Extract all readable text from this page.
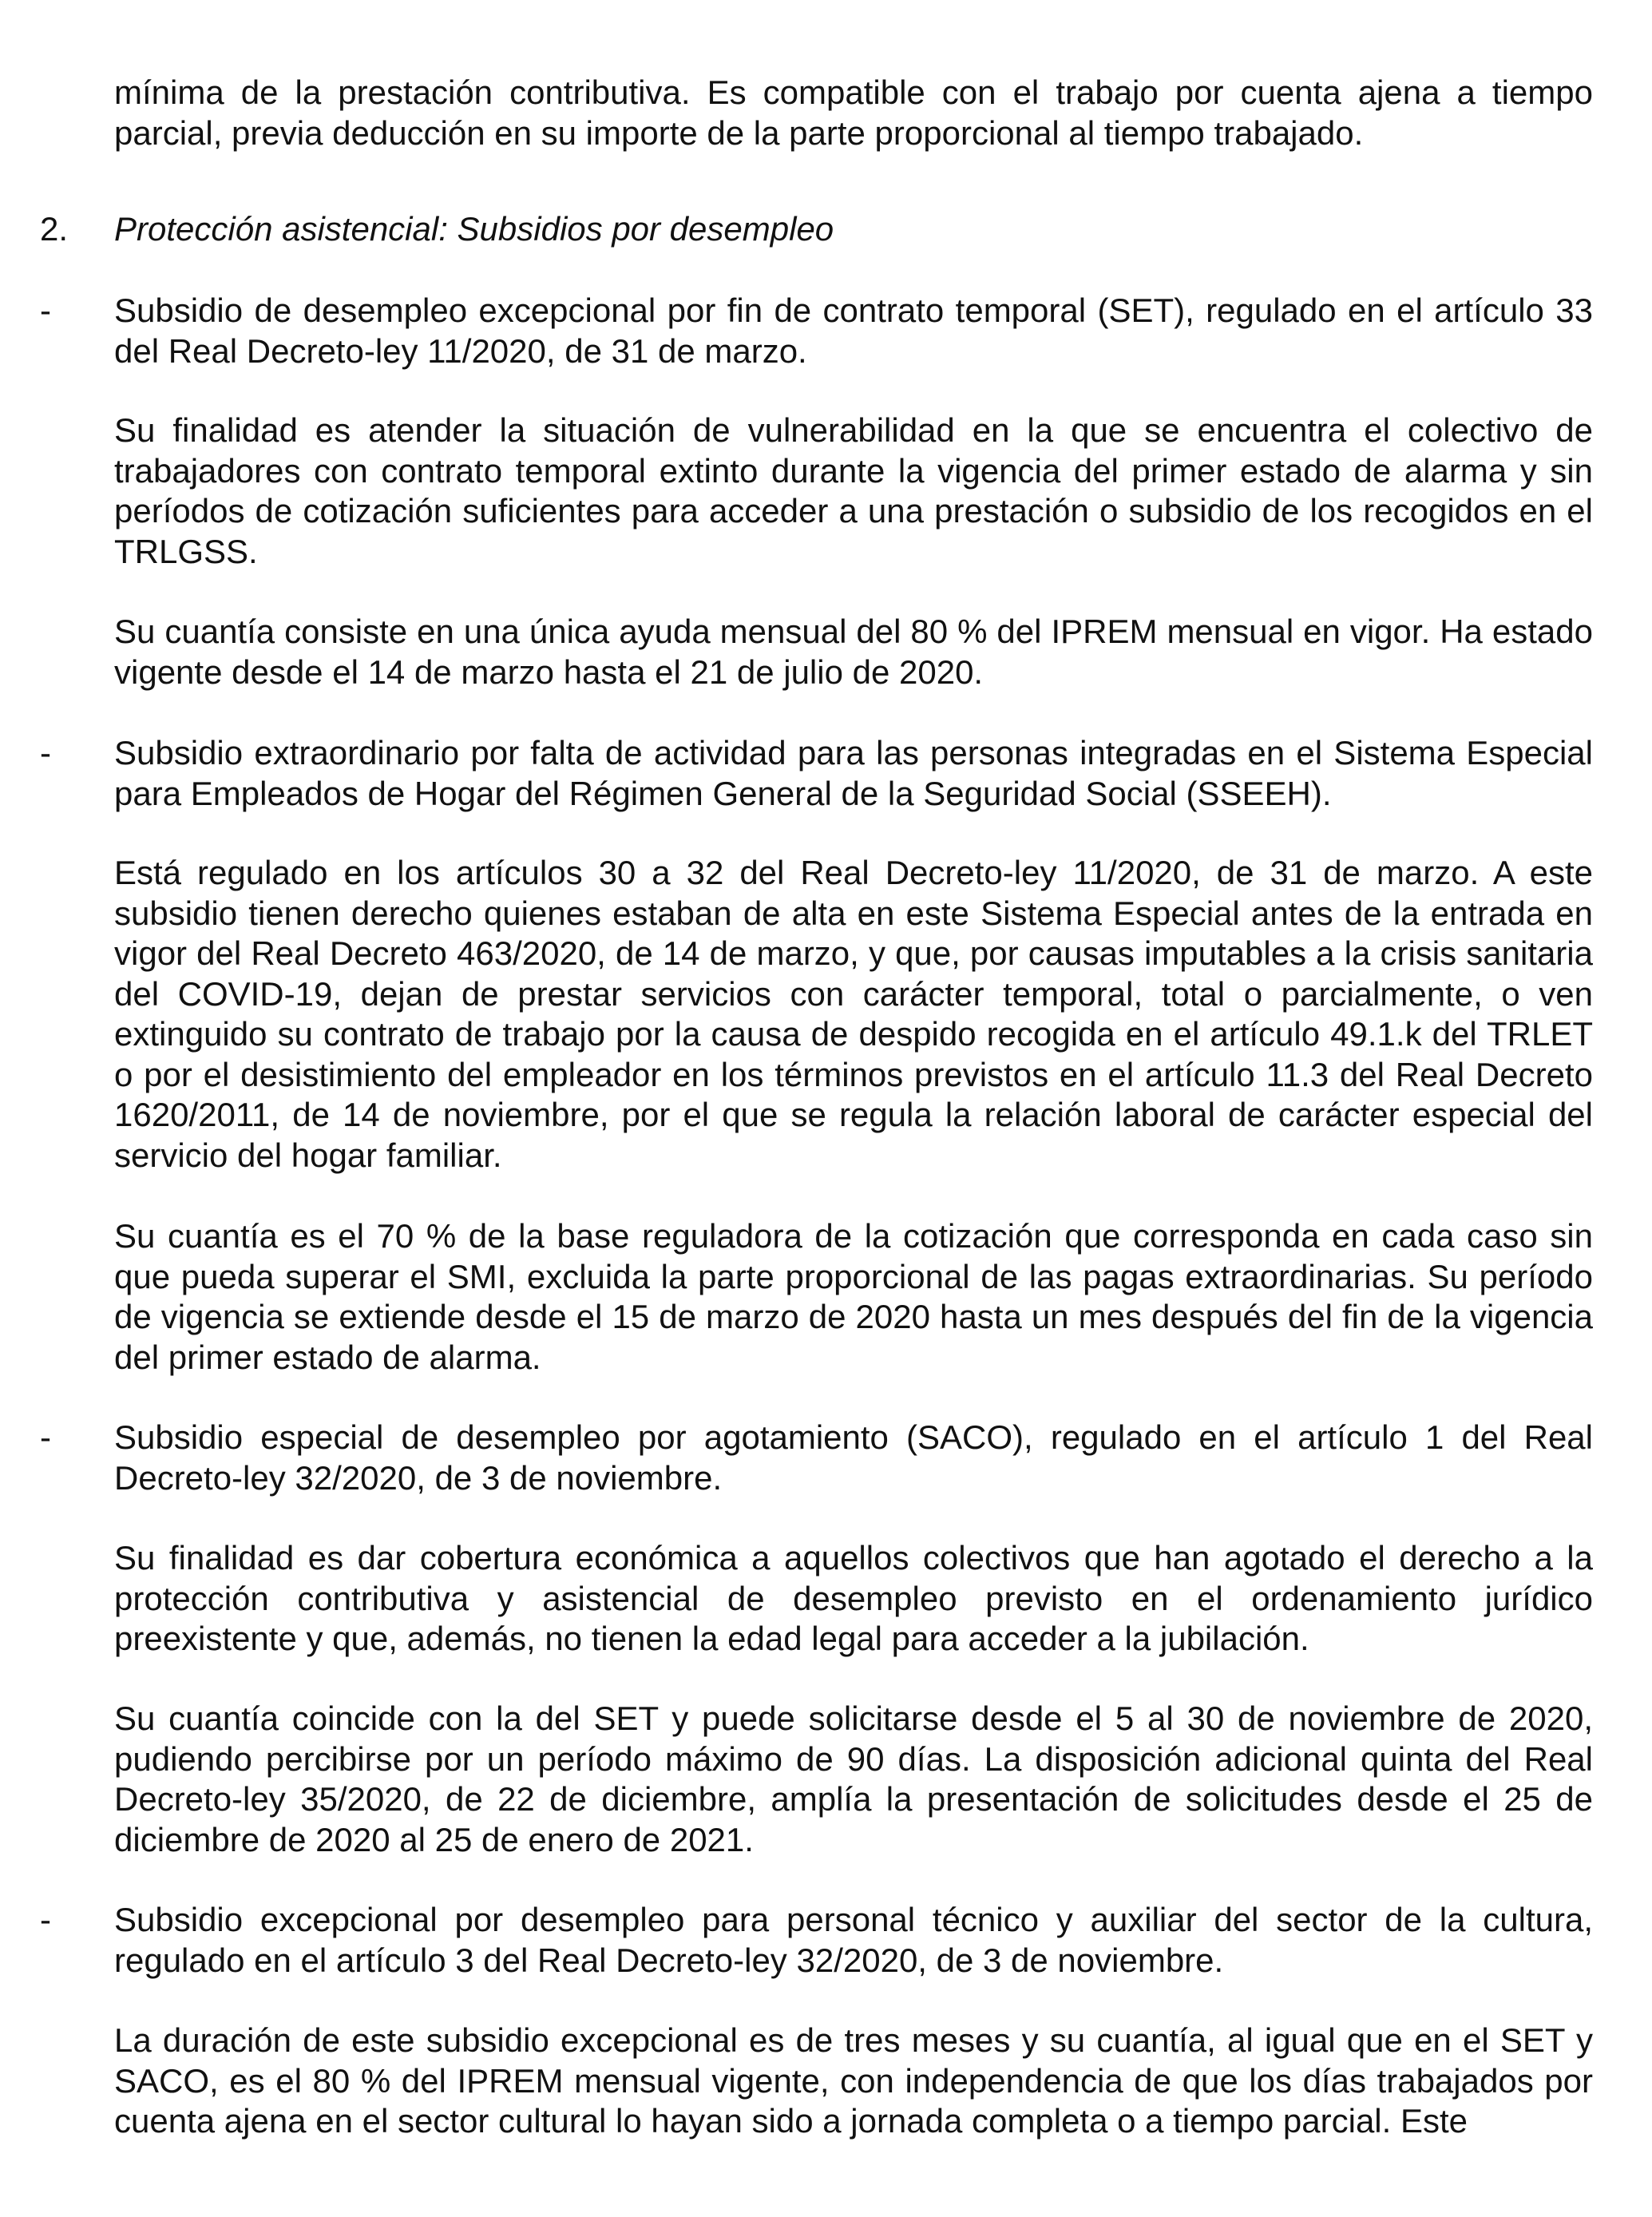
mínima de la prestación contributiva. Es compatible con el trabajo por cuenta ajena a tiempo parcial, previa deducción en su importe de la parte proporcional al tiempo trabajado.

2. Protección asistencial: Subsidios por desempleo

- Subsidio de desempleo excepcional por fin de contrato temporal (SET), regulado en el artículo 33 del Real Decreto-ley 11/2020, de 31 de marzo.

Su finalidad es atender la situación de vulnerabilidad en la que se encuentra el colectivo de trabajadores con contrato temporal extinto durante la vigencia del primer estado de alarma y sin períodos de cotización suficientes para acceder a una prestación o subsidio de los recogidos en el TRLGSS.

Su cuantía consiste en una única ayuda mensual del 80 % del IPREM mensual en vigor. Ha estado vigente desde el 14 de marzo hasta el 21 de julio de 2020.

- Subsidio extraordinario por falta de actividad para las personas integradas en el Sistema Especial para Empleados de Hogar del Régimen General de la Seguridad Social (SSEEH).

Está regulado en los artículos 30 a 32 del Real Decreto-ley 11/2020, de 31 de marzo. A este subsidio tienen derecho quienes estaban de alta en este Sistema Especial antes de la entrada en vigor del Real Decreto 463/2020, de 14 de marzo, y que, por causas imputables a la crisis sanitaria del COVID-19, dejan de prestar servicios con carácter temporal, total o parcialmente, o ven extinguido su contrato de trabajo por la causa de despido recogida en el artículo 49.1.k del TRLET o por el desistimiento del empleador en los términos previstos en el artículo 11.3 del Real Decreto 1620/2011, de 14 de noviembre, por el que se regula la relación laboral de carácter especial del servicio del hogar familiar.

Su cuantía es el 70 % de la base reguladora de la cotización que corresponda en cada caso sin que pueda superar el SMI, excluida la parte proporcional de las pagas extraordinarias. Su período de vigencia se extiende desde el 15 de marzo de 2020 hasta un mes después del fin de la vigencia del primer estado de alarma.

- Subsidio especial de desempleo por agotamiento (SACO), regulado en el artículo 1 del Real Decreto-ley 32/2020, de 3 de noviembre.

Su finalidad es dar cobertura económica a aquellos colectivos que han agotado el derecho a la protección contributiva y asistencial de desempleo previsto en el ordenamiento jurídico preexistente y que, además, no tienen la edad legal para acceder a la jubilación.

Su cuantía coincide con la del SET y puede solicitarse desde el 5 al 30 de noviembre de 2020, pudiendo percibirse por un período máximo de 90 días. La disposición adicional quinta del Real Decreto-ley 35/2020, de 22 de diciembre, amplía la presentación de solicitudes desde el 25 de diciembre de 2020 al 25 de enero de 2021.

- Subsidio excepcional por desempleo para personal técnico y auxiliar del sector de la cultura, regulado en el artículo 3 del Real Decreto-ley 32/2020, de 3 de noviembre.

La duración de este subsidio excepcional es de tres meses y su cuantía, al igual que en el SET y SACO, es el 80 % del IPREM mensual vigente, con independencia de que los días trabajados por cuenta ajena en el sector cultural lo hayan sido a jornada completa o a tiempo parcial. Este
